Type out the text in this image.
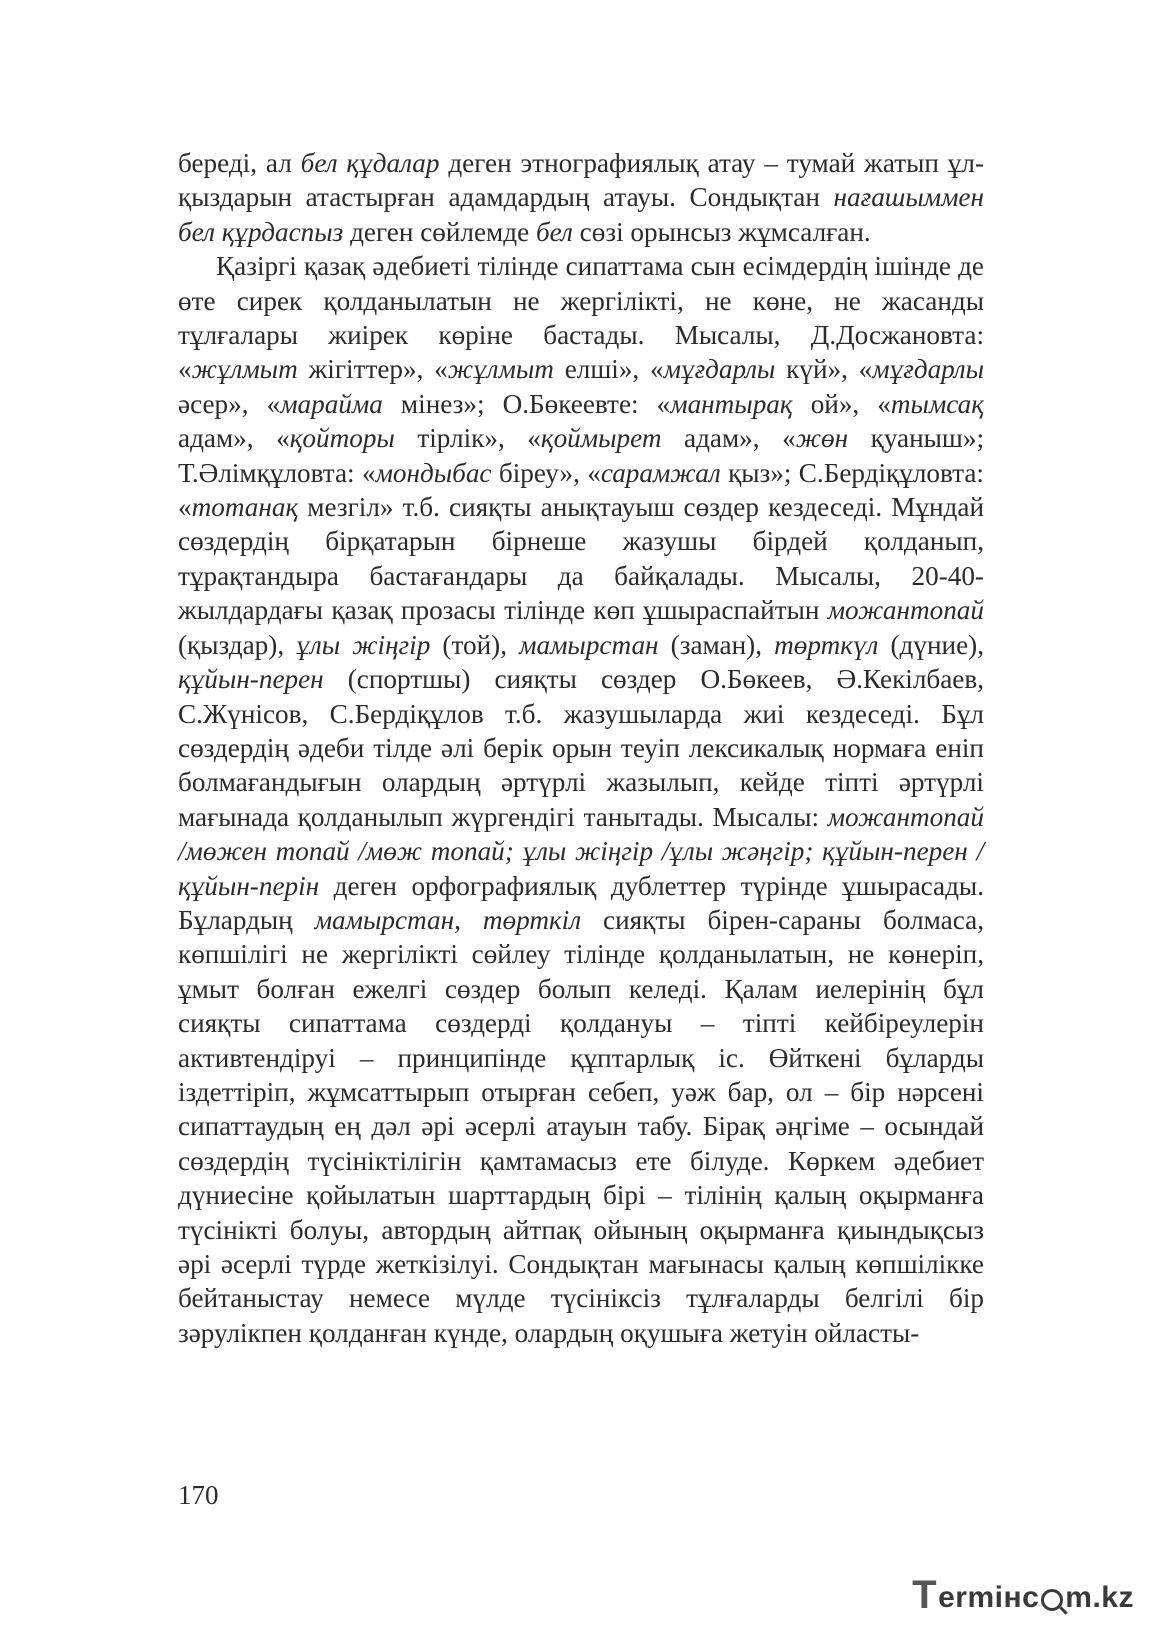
береді, ал бел құдалар деген этнографиялық атау – тумай жатып ұл-қыздарын атастырған адамдардың атауы. Сондықтан нағашыммен бел құрдаспыз деген сөйлемде бел сөзі орынсыз жұмсалған.

Қазіргі қазақ әдебиеті тілінде сипаттама сын есімдердің ішінде де өте сирек қолданылатын не жергілікті, не көне, не жасанды тұлғалары жиірек көріне бастады. Мысалы, Д.Досжановта: «жұлмыт жігіттер», «жұлмыт елші», «мұғдарлы күй», «мұғдарлы әсер», «марайма мінез»; О.Бөкеевте: «мантырақ ой», «тымсақ адам», «қойторы тірлік», «қоймырет адам», «жөн қуаныш»; Т.Әлімқұловта: «мондыбас біреу», «сарамжал қыз»; С.Бердіқұловта: «тотанақ мезгіл» т.б. сияқты анықтауыш сөздер кездеседі. Мұндай сөздердің бірқатарын бірнеше жазушы бірдей қолданып, тұрақтандыра бастағандары да байқалады. Мысалы, 20-40-жылдардағы қазақ прозасы тілінде көп ұшыраспайтын можантопай (қыздар), ұлы жіңгір (той), мамырстан (заман), төрткүл (дүние), құйын-перен (спортшы) сияқты сөздер О.Бөкеев, Ә.Кекілбаев, С.Жүнісов, С.Бердіқұлов т.б. жазушыларда жиі кездеседі. Бұл сөздердің әдеби тілде әлі берік орын теуіп лексикалық нормаға еніп болмағандығын олардың әртүрлі жазылып, кейде тіпті әртүрлі мағынада қолданылып жүргендігі танытады. Мысалы: можантопай /мөжен топай /мөж топай; ұлы жіңгір /ұлы жәңгір; құйын-перен / құйын-перін деген орфографиялық дублеттер түрінде ұшырасады. Бұлардың мамырстан, төрткіл сияқты бірен-сараны болмаса, көпшілігі не жергілікті сөйлеу тілінде қолданылатын, не көнеріп, ұмыт болған ежелгі сөздер болып келеді. Қалам иелерінің бұл сияқты сипаттама сөздерді қолдануы – тіпті кейбіреулерін активтендіруі – принципінде құптарлық іс. Өйткені бұларды іздеттіріп, жұмсаттырып отырған себеп, уәж бар, ол – бір нәрсені сипаттаудың ең дәл әрі әсерлі атауын табу. Бірақ әңгіме – осындай сөздердің түсініктілігін қамтамасыз ете білуде. Көркем әдебиет дүниесіне қойылатын шарттардың бірі – тілінің қалың оқырманға түсінікті болуы, автордың айтпақ ойының оқырманға қиындықсыз әрі әсерлі түрде жеткізілуі. Сондықтан мағынасы қалың көпшілікке бейтаныстау немесе мүлде түсініксіз тұлғаларды белгілі бір зәрулікпен қолданған күнде, олардың оқушыға жетуін ойласты-

170
T ermінc m.kz
